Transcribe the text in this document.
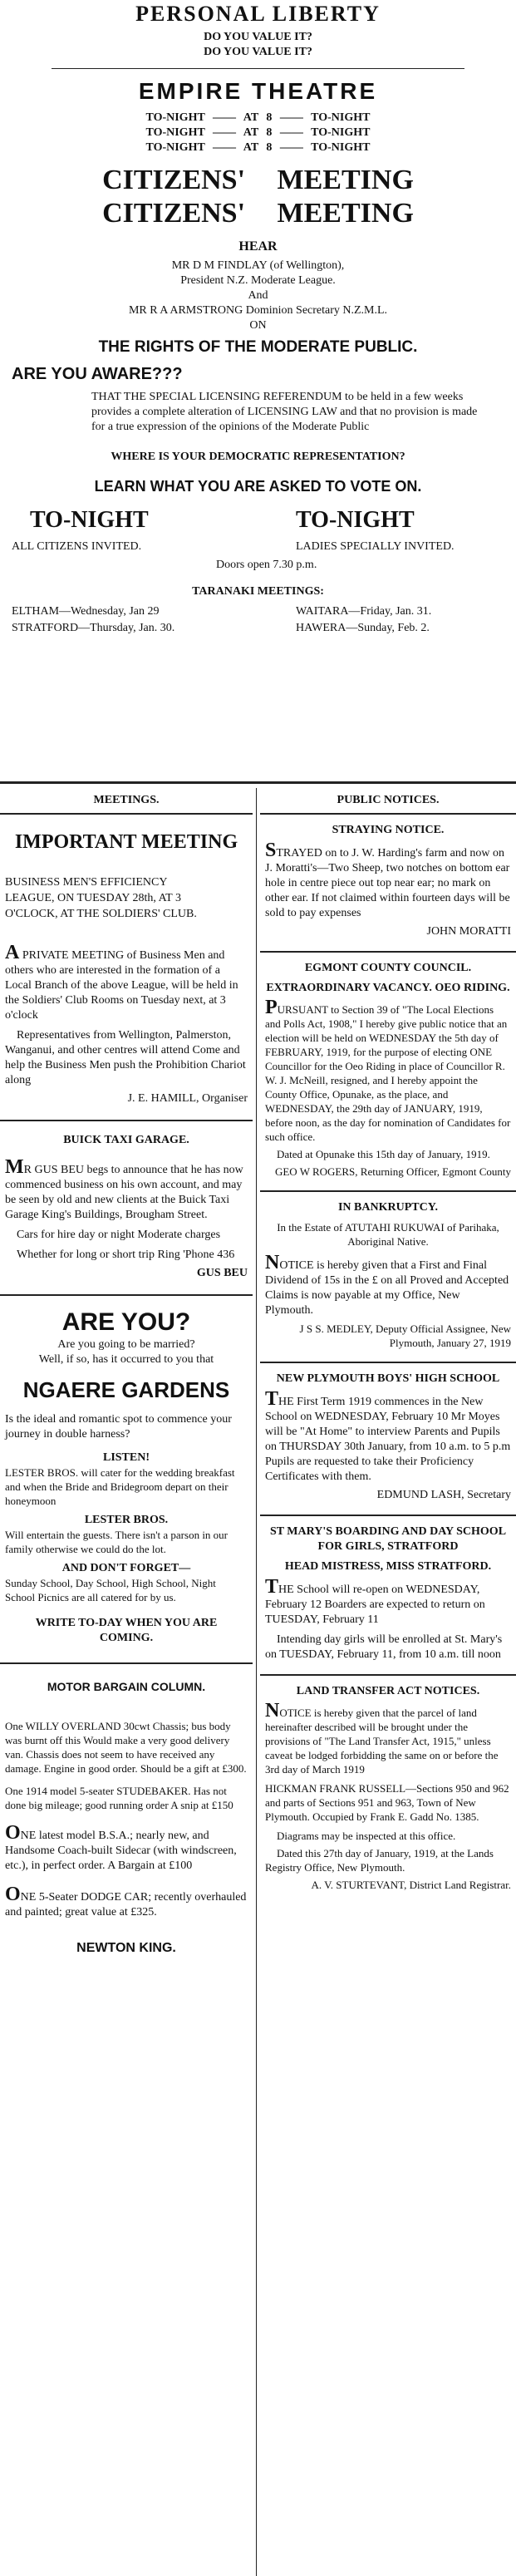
PERSONAL LIBERTY
DO YOU VALUE IT?
DO YOU VALUE IT?
EMPIRE THEATRE
TO-NIGHT —— AT 8 —— TO-NIGHT
TO-NIGHT —— AT 8 —— TO-NIGHT
TO-NIGHT —— AT 8 —— TO-NIGHT
CITIZENS' MEETING
CITIZENS' MEETING
HEAR
MR D M FINDLAY (of Wellington),
President N.Z. Moderate League.
And
MR R A ARMSTRONG Dominion Secretary N.Z.M.L.
ON
THE RIGHTS OF THE MODERATE PUBLIC.
ARE YOU AWARE???
THAT THE SPECIAL LICENSING REFERENDUM to be held in a few weeks provides a complete alteration of LICENSING LAW and that no provision is made for a true expression of the opinions of the Moderate Public
WHERE IS YOUR DEMOCRATIC REPRESENTATION?
LEARN WHAT YOU ARE ASKED TO VOTE ON.
TO-NIGHT	TO-NIGHT
ALL CITIZENS INVITED.	LADIES SPECIALLY INVITED.
Doors open 7.30 p.m.
TARANAKI MEETINGS:
ELTHAM—Wednesday, Jan 29	WAITARA—Friday, Jan. 31.
STRATFORD—Thursday, Jan. 30.	HAWERA—Sunday, Feb. 2.
MEETINGS.
IMPORTANT MEETING

BUSINESS MEN'S EFFICIENCY

LEAGUE, ON TUESDAY 28th, AT 3

O'CLOCK, AT THE SOLDIERS' CLUB.

A PRIVATE MEETING of Business Men and others who are interested in the formation of a Local Branch of the above League, will be held in the Soldiers' Club Rooms on Tuesday next, at 3 o'clock

Representatives from Wellington, Palmerston, Wanganui, and other centres will attend Come and help the Business Men push the Prohibition Chariot along

J. E. HAMILL, Organiser

BUICK TAXI GARAGE.

MR GUS BEU begs to announce that he has now commenced business on his own account, and may be seen by old and new clients at the Buick Taxi Garage King's Buildings, Brougham Street.

Cars for hire day or night Moderate charges

Whether for long or short trip Ring 'Phone 436

GUS BEU

ARE YOU?

Are you going to be married?

Well, if so, has it occurred to you that

NGAERE GARDENS

Is the ideal and romantic spot to commence your journey in double harness?

LISTEN!

LESTER BROS. will cater for the wedding breakfast and when the Bride and Bridegroom depart on their honeymoon

LESTER BROS.

Will entertain the guests. There isn't a parson in our family otherwise we could do the lot.

AND DON'T FORGET—

Sunday School, Day School, High School, Night School Picnics are all catered for by us.

WRITE TO-DAY WHEN YOU ARE COMING.
MOTOR BARGAIN COLUMN.

One WILLY OVERLAND 30cwt Chassis; bus body was burnt off this Would make a very good delivery van. Chassis does not seem to have received any damage. Engine in good order. Should be a gift at £300.

One 1914 model 5-seater STUDEBAKER. Has not done big mileage; good running order A snip at £150

ONE latest model B.S.A.; nearly new, and Handsome Coach-built Sidecar (with windscreen, etc.), in perfect order. A Bargain at £100

ONE 5-Seater DODGE CAR; recently overhauled and painted; great value at £325.

NEWTON KING.
PUBLIC NOTICES.
STRAYING NOTICE.

STRAYED on to J. W. Harding's farm and now on J. Moratti's—Two Sheep, two notches on bottom ear hole in centre piece out top near ear; no mark on other ear. If not claimed within fourteen days will be sold to pay expenses

JOHN MORATTI

EGMONT COUNTY COUNCIL.
EXTRAORDINARY VACANCY. OEO RIDING.

PURSUANT to Section 39 of "The Local Elections and Polls Act, 1908," I hereby give public notice that an election will be held on WEDNESDAY the 5th day of FEBRUARY, 1919, for the purpose of electing ONE Councillor for the Oeo Riding in place of Councillor R. W. J. McNeill, resigned, and I hereby appoint the County Office, Opunake, as the place, and WEDNESDAY, the 29th day of JANUARY, 1919, before noon, as the day for nomination of Candidates for such office.

Dated at Opunake this 15th day of January, 1919.

GEO W ROGERS, Returning Officer, Egmont County

IN BANKRUPTCY.

In the Estate of ATUTAHI RUKUWAI of Parihaka, Aboriginal Native.

NOTICE is hereby given that a First and Final Dividend of 15s in the £ on all Proved and Accepted Claims is now payable at my Office, New Plymouth.

J S S. MEDLEY, Deputy Official Assignee, New Plymouth, January 27, 1919

NEW PLYMOUTH BOYS' HIGH SCHOOL

THE First Term 1919 commences in the New School on WEDNESDAY, February 10 Mr Moyes will be "At Home" to interview Parents and Pupils on THURSDAY 30th January, from 10 a.m. to 5 p.m Pupils are requested to take their Proficiency Certificates with them.

EDMUND LASH, Secretary

ST MARY'S BOARDING AND DAY SCHOOL FOR GIRLS, STRATFORD
HEAD MISTRESS, MISS STRATFORD.

THE School will re-open on WEDNESDAY, February 12 Boarders are expected to return on TUESDAY, February 11

Intending day girls will be enrolled at St. Mary's on TUESDAY, February 11, from 10 a.m. till noon

LAND TRANSFER ACT NOTICES.

NOTICE is hereby given that the parcel of land hereinafter described will be brought under the provisions of "The Land Transfer Act, 1915," unless caveat be lodged forbidding the same on or before the 3rd day of March 1919

HICKMAN FRANK RUSSELL—Sections 950 and 962 and parts of Sections 951 and 963, Town of New Plymouth. Occupied by Frank E. Gadd No. 1385.

Diagrams may be inspected at this office.

Dated this 27th day of January, 1919, at the Lands Registry Office, New Plymouth.

A. V. STURTEVANT, District Land Registrar.
